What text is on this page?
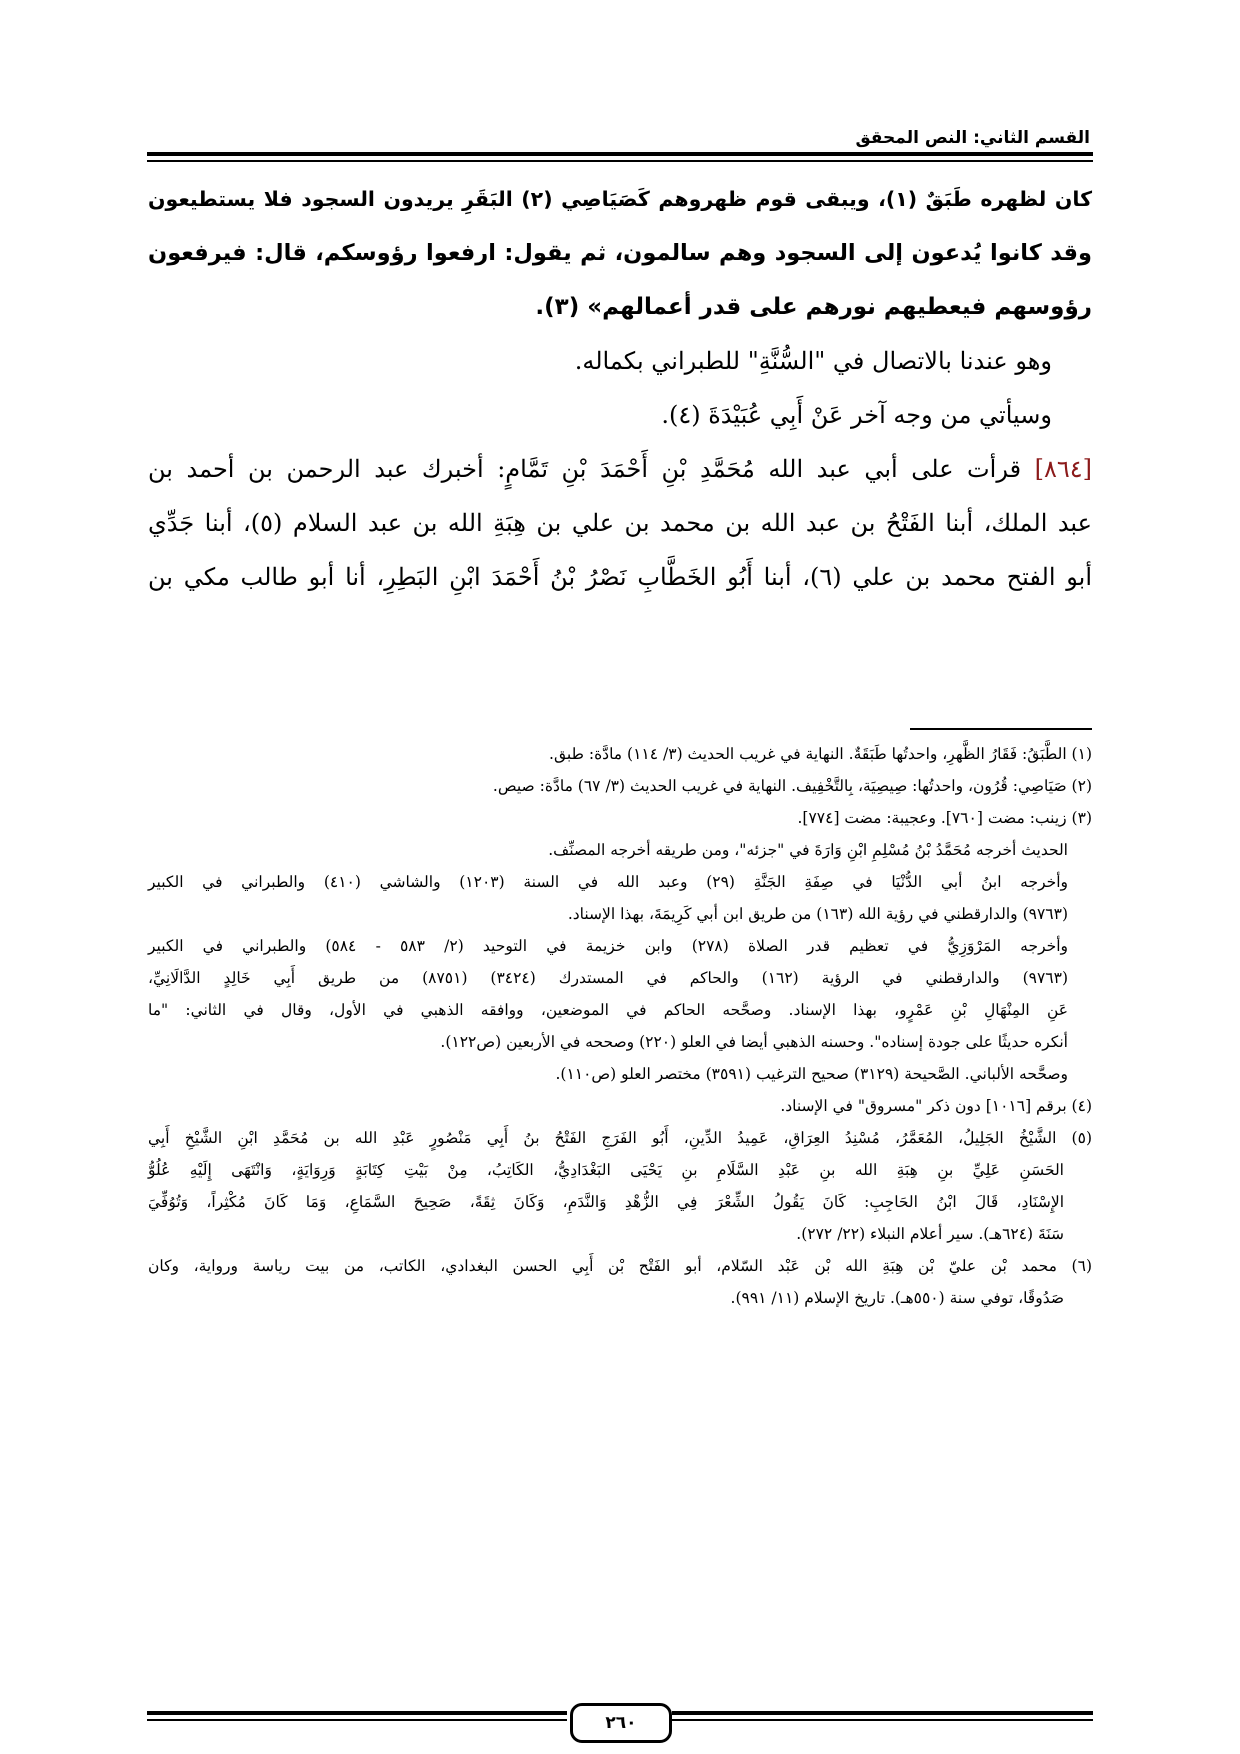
القسم الثاني: النص المحقق
كان لظهره طَبَقٌ (١)، ويبقى قوم ظهروهم كَصَيَاصِي (٢) البَقَرِ يريدون السجود فلا يستطيعون
وقد كانوا يُدعون إلى السجود وهم سالمون، ثم يقول: ارفعوا رؤوسكم، قال: فيرفعون
رؤوسهم فيعطيهم نورهم على قدر أعمالهم» (٣).
وهو عندنا بالاتصال في "السُّنَّةِ" للطبراني بكماله.
وسيأتي من وجه آخر عَنْ أَبِي عُبَيْدَةَ (٤).
[٨٦٤] قرأت على أبي عبد الله مُحَمَّدِ بْنِ أَحْمَدَ بْنِ تَمَّامٍ: أخبرك عبد الرحمن بن أحمد بن
عبد الملك، أبنا الفَتْحُ بن عبد الله بن محمد بن علي بن هِبَةِ الله بن عبد السلام (٥)، أبنا جَدِّي
أبو الفتح محمد بن علي (٦)، أبنا أَبُو الخَطَّابِ نَصْرُ بْنُ أَحْمَدَ ابْنِ البَطِرِ، أنا أبو طالب مكي بن
(١) الطَّبَقُ: فَقَارُ الظَّهرِ، واحدتُها طَبَقَةٌ. النهاية في غريب الحديث (٣/ ١١٤) مادَّة: طبق.
(٢) صَيَاصِي: قُرُون، واحدتُها: صِيصِيَة، بِالتَّخْفِيف. النهاية في غريب الحديث (٣/ ٦٧) مادَّة: صيص.
(٣) زينب: مضت [٧٦٠]. وعجيبة: مضت [٧٧٤].
الحديث أخرجه مُحَمَّدُ بْنُ مُسْلِمِ ابْنِ وَارَةَ في "جزئه"، ومن طريقه أخرجه المصنِّف.
وأخرجه ابنُ أبي الدُّنْيَا في صِفَةِ الجَنَّةِ (٢٩) وعبد الله في السنة (١٢٠٣) والشاشي (٤١٠) والطبراني في الكبير
(٩٧٦٣) والدارقطني في رؤية الله (١٦٣) من طريق ابن أبي كَرِيمَةَ، بهذا الإسناد.
وأخرجه المَرْوَزِيُّ في تعظيم قدر الصلاة (٢٧٨) وابن خزيمة في التوحيد (٢/ ٥٨٣ - ٥٨٤) والطبراني في الكبير
(٩٧٦٣) والدارقطني في الرؤية (١٦٢) والحاكم في المستدرك (٣٤٢٤) (٨٧٥١) من طريق أَبِي خَالِدٍ الدَّالَانِيِّ،
عَنِ المِنْهَالِ بْنِ عَمْرٍو، بهذا الإسناد. وصحَّحه الحاكم في الموضعين، ووافقه الذهبي في الأول، وقال في الثاني: "ما
أنكره حديثًا على جودة إسناده". وحسنه الذهبي أيضا في العلو (٢٢٠) وصححه في الأربعين (ص١٢٢).
وصحَّحه الألباني. الصَّحيحة (٣١٢٩) صحيح الترغيب (٣٥٩١) مختصر العلو (ص١١٠).
(٤) برقم [١٠١٦] دون ذكر "مسروق" في الإسناد.
(٥) الشَّيْخُ الجَلِيلُ، المُعَمَّرُ، مُسْنِدُ العِرَاقِ، عَمِيدُ الدِّينِ، أَبُو الفَرَجِ الفَتْحُ بنُ أَبِي مَنْصُورٍ عَبْدِ الله بن مُحَمَّدِ ابْنِ الشَّيْخِ أَبِي
الحَسَنِ عَلِيِّ بنِ هِبَةِ الله بنِ عَبْدِ السَّلَامِ بنِ يَحْيَى البَغْدَادِيُّ، الكَاتِبُ، مِنْ بَيْتِ كِتَابَةٍ وَرِوَايَةٍ، وَانْتَهَى إِلَيْهِ عُلُوُّ
الإِسْنَادِ، قَالَ ابْنُ الحَاجِبِ: كَانَ يَقُولُ الشِّعْرَ فِي الزُّهْدِ وَالنَّدَمِ، وَكَانَ ثِقَةً، صَحِيحَ السَّمَاعِ، وَمَا كَانَ مُكْثِراً، وَتُوُفِّيَ
سَنَةَ (٦٢٤هـ). سير أعلام النبلاء (٢٢/ ٢٧٢).
(٦) محمد بْن عليّ بْن هِبَةِ الله بْن عَبْد السّلام، أبو الفَتْح بْن أَبِي الحسن البغدادي، الكاتب، من بيت رياسة ورواية، وكان
صَدُوقًا، توفي سنة (٥٥٠هـ). تاريخ الإسلام (١١/ ٩٩١).
٢٦٠
